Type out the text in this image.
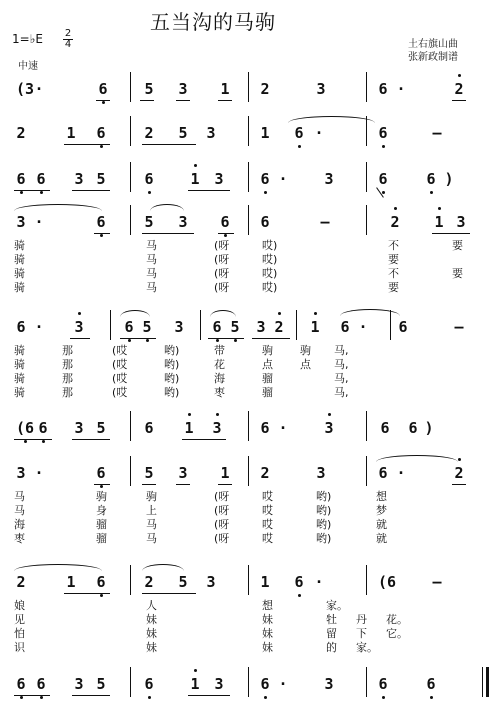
五当沟的马驹
1=♭E 2
4
中速
土右旗山曲
张新政制谱
(3 ·	6 5 3 1 2	3	6 ·	2
2	1 6	2 5 3	1 6 ·	6	–
6 6 3 5	6 1 3 6 · 3	6	6 )
3 ·	6	5 3 6 6	–	2 1 3
骑	马	(呀	哎)	不	要
骑	马	(呀	哎)	要
骑	马	(呀	哎)	不	要
骑	马	(呀	哎)	要
6 · 3	6 5 3 6 5 3 2 1 6 · 6	–
骑	那	(哎	哟)	带	驹 驹 马,
骑	那	(哎	哟)	花	点 点 马,
骑	那	(哎	哟)	海	骝	马,
骑	那	(哎	哟)	枣	骝	马,
(6 6 3 5	6 1 3	6 · 3	6 6 )
3 ·	6	5 3 1 2	3	6 ·	2
马	驹	驹	(呀	哎	哟)	想
马	身	上	(呀	哎	哟)	梦
海	骝	马	(呀	哎	哟)	就
枣	骝	马	(呀	哎	哟)	就
2	1 6	2 5 3	1 6 ·	(6 –
娘	人	想	家。
见	妹	妹	牡 丹 花。
怕	妹	妹	留 下 它。
识	妹	妹	的 家。
6 6 3 5	6 1 3 6 · 3	6	6
